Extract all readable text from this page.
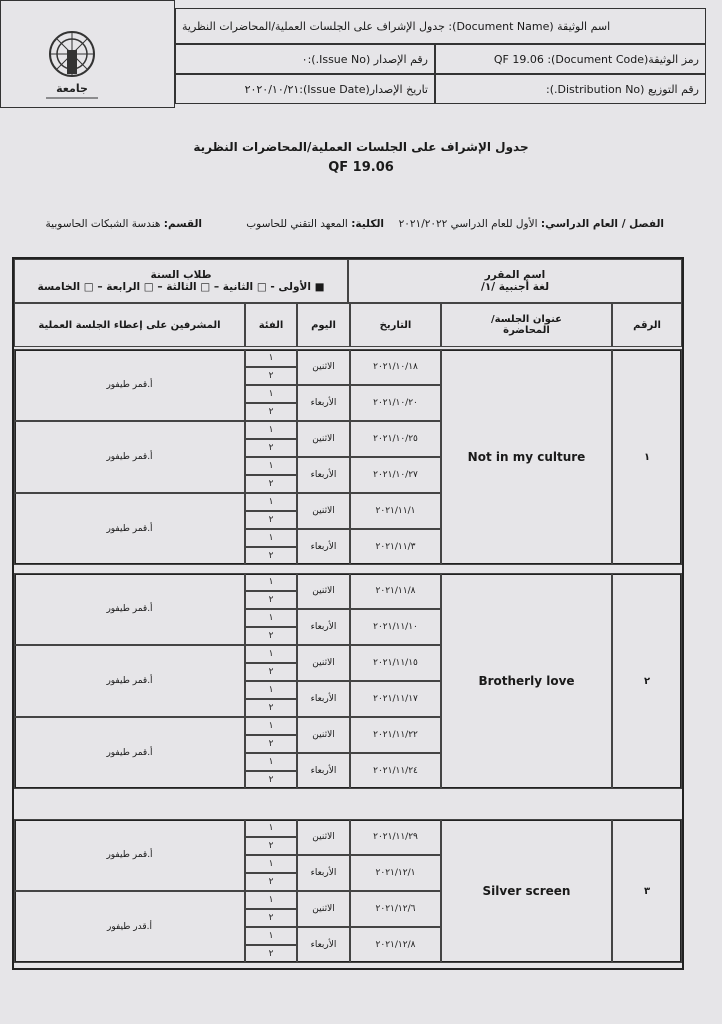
اسم الوثيقة (Document Name): جدول الإشراف على الجلسات العملية/المحاضرات النظرية
رمز الوثيقة(Document Code): QF 19.06
رقم الإصدار (Issue No.):٠
رقم التوزيع (Distribution No.):
تاريخ الإصدار(Issue Date):٢٠٢٠/١٠/٢١
جامعة
جدول الإشراف على الجلسات العملية/المحاضرات النظرية
QF 19.06
الفصل / العام الدراسي: الأول للعام الدراسي ٢٠٢١/٢٠٢٢
الكلية: المعهد التقني للحاسوب
القسم: هندسة الشبكات الحاسوبية
اسم المقرر
لغة أجنبية /١/
طلاب السنة
■ الأولى - □ الثانية – □ الثالثة – □ الرابعة – □ الخامسة
الرقم
عنوان الجلسة/المحاضرة
التاريخ
اليوم
الفئة
المشرفين على إعطاء الجلسة العملية
١
Not in my culture
٢٠٢١/١٠/١٨
الاثنين
١
٢
٢٠٢١/١٠/٢٠
الأربعاء
١
٢
٢٠٢١/١٠/٢٥
الاثنين
١
٢
٢٠٢١/١٠/٢٧
الأربعاء
١
٢
٢٠٢١/١١/١
الاثنين
١
٢
٢٠٢١/١١/٣
الأربعاء
١
٢
أ.قمر طيفور
أ.قمر طيفور
أ.قمر طيفور
٢
Brotherly love
٢٠٢١/١١/٨
الاثنين
١
٢
٢٠٢١/١١/١٠
الأربعاء
١
٢
٢٠٢١/١١/١٥
الاثنين
١
٢
٢٠٢١/١١/١٧
الأربعاء
١
٢
٢٠٢١/١١/٢٢
الاثنين
١
٢
٢٠٢١/١١/٢٤
الأربعاء
١
٢
أ.قمر طيفور
أ.قمر طيفور
أ.قمر طيفور
٣
Silver screen
٢٠٢١/١١/٢٩
الاثنين
١
٢
٢٠٢١/١٢/١
الأربعاء
١
٢
٢٠٢١/١٢/٦
الاثنين
١
٢
٢٠٢١/١٢/٨
الأربعاء
١
٢
أ.قمر طيفور
أ.قدر طيفور
